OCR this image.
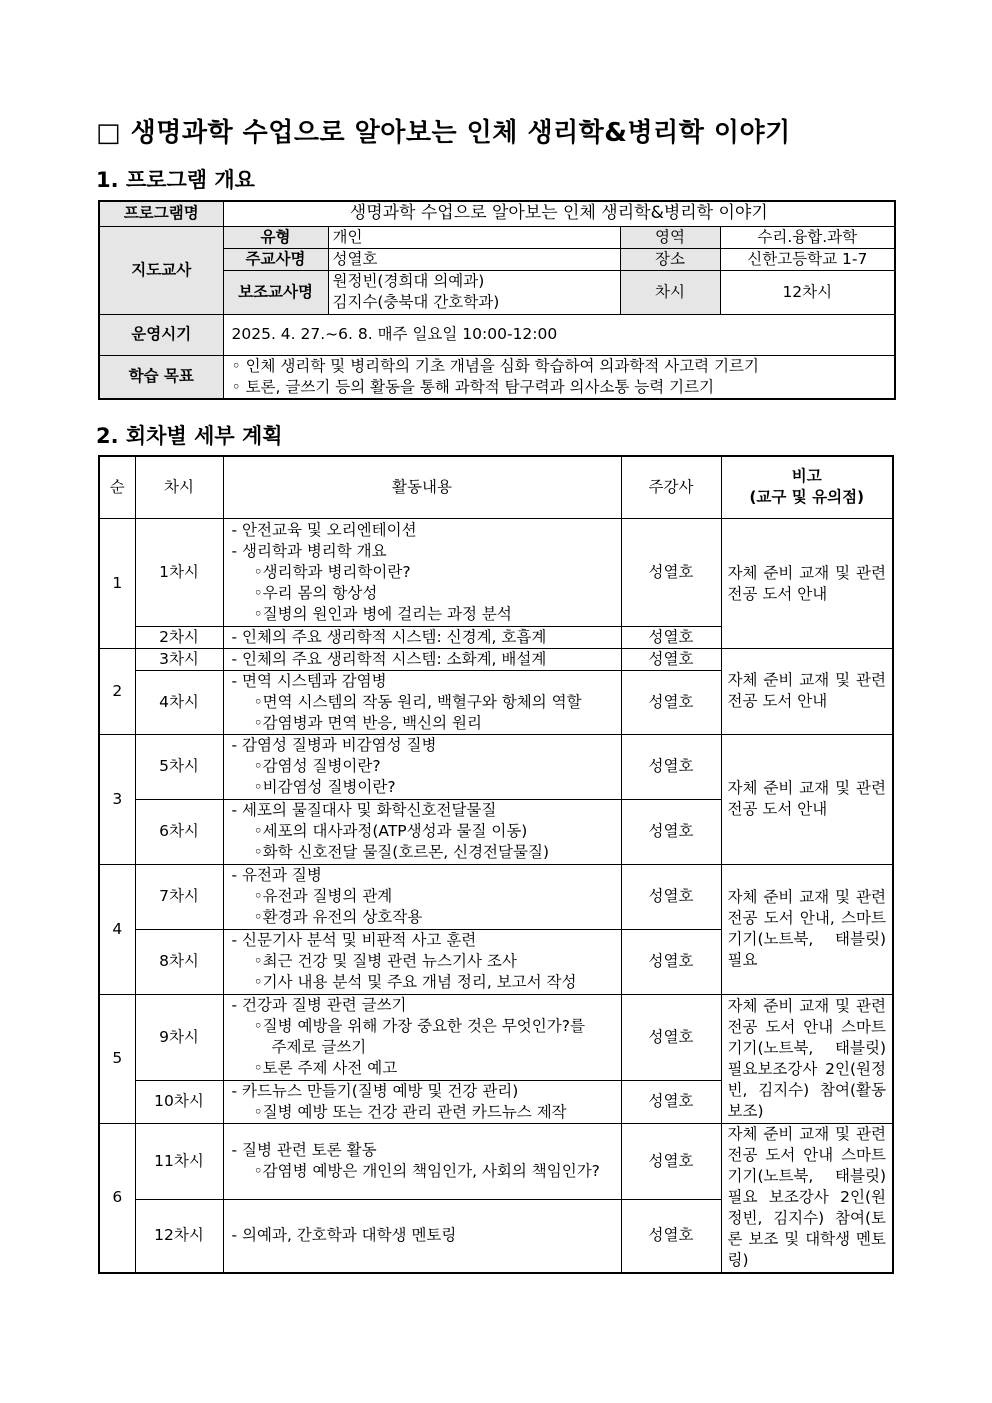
□ 생명과학 수업으로 알아보는 인체 생리학&병리학 이야기
1. 프로그램 개요
프로그램명	생명과학 수업으로 알아보는 인체 생리학&병리학 이야기			
지도교사	유형	개인	영역	수리.융합.과학
	주교사명	성열호	장소	신한고등학교 1-7
	보조교사명	원정빈(경희대 의예과)
김지수(충북대 간호학과)	차시	12차시
운영시기	2025. 4. 27.~6. 8. 매주 일요일 10:00-12:00			
학습 목표	◦ 인체 생리학 및 병리학의 기초 개념을 심화 학습하여 의과학적 사고력 기르기
◦ 토론, 글쓰기 등의 활동을 통해 과학적 탐구력과 의사소통 능력 기르기			
2. 회차별 세부 계획
순	차시	활동내용	주강사	비고
(교구 및 유의점)

1	1차시	- 안전교육 및 오리엔테이션
- 생리학과 병리학 개요
◦생리학과 병리학이란?
◦우리 몸의 항상성
◦질병의 원인과 병에 걸리는 과정 분석	성열호	자체 준비 교재 및 관련 전공 도서 안내
	2차시	- 인체의 주요 생리학적 시스템: 신경계, 호흡계	성열호	
2	3차시	- 인체의 주요 생리학적 시스템: 소화계, 배설계	성열호	자체 준비 교재 및 관련 전공 도서 안내
	4차시	- 면역 시스템과 감염병
◦면역 시스템의 작동 원리, 백혈구와 항체의 역할
◦감염병과 면역 반응, 백신의 원리	성열호	
3	5차시	- 감염성 질병과 비감염성 질병
◦감염성 질병이란?
◦비감염성 질병이란?	성열호	자체 준비 교재 및 관련 전공 도서 안내
	6차시	- 세포의 물질대사 및 화학신호전달물질
◦세포의 대사과정(ATP생성과 물질 이동)
◦화학 신호전달 물질(호르몬, 신경전달물질)	성열호	
4	7차시	- 유전과 질병
◦유전과 질병의 관계
◦환경과 유전의 상호작용	성열호	자체 준비 교재 및 관련 전공 도서 안내, 스마트 기기(노트북, 태블릿) 필요
	8차시	- 신문기사 분석 및 비판적 사고 훈련
◦최근 건강 및 질병 관련 뉴스기사 조사
◦기사 내용 분석 및 주요 개념 정리, 보고서 작성	성열호	
5	9차시	- 건강과 질병 관련 글쓰기
◦질병 예방을 위해 가장 중요한 것은 무엇인가?를
주제로 글쓰기
◦토론 주제 사전 예고	성열호	자체 준비 교재 및 관련 전공 도서 안내 스마트 기기(노트북, 태블릿) 필요보조강사 2인(원정빈, 김지수) 참여(활동 보조)
	10차시	- 카드뉴스 만들기(질병 예방 및 건강 관리)
◦질병 예방 또는 건강 관리 관련 카드뉴스 제작	성열호	
6	11차시	- 질병 관련 토론 활동
◦감염병 예방은 개인의 책임인가, 사회의 책임인가?	성열호	자체 준비 교재 및 관련 전공 도서 안내 스마트 기기(노트북, 태블릿) 필요 보조강사 2인(원정빈, 김지수) 참여(토론 보조 및 대학생 멘토링)
	12차시	- 의예과, 간호학과 대학생 멘토링	성열호	
